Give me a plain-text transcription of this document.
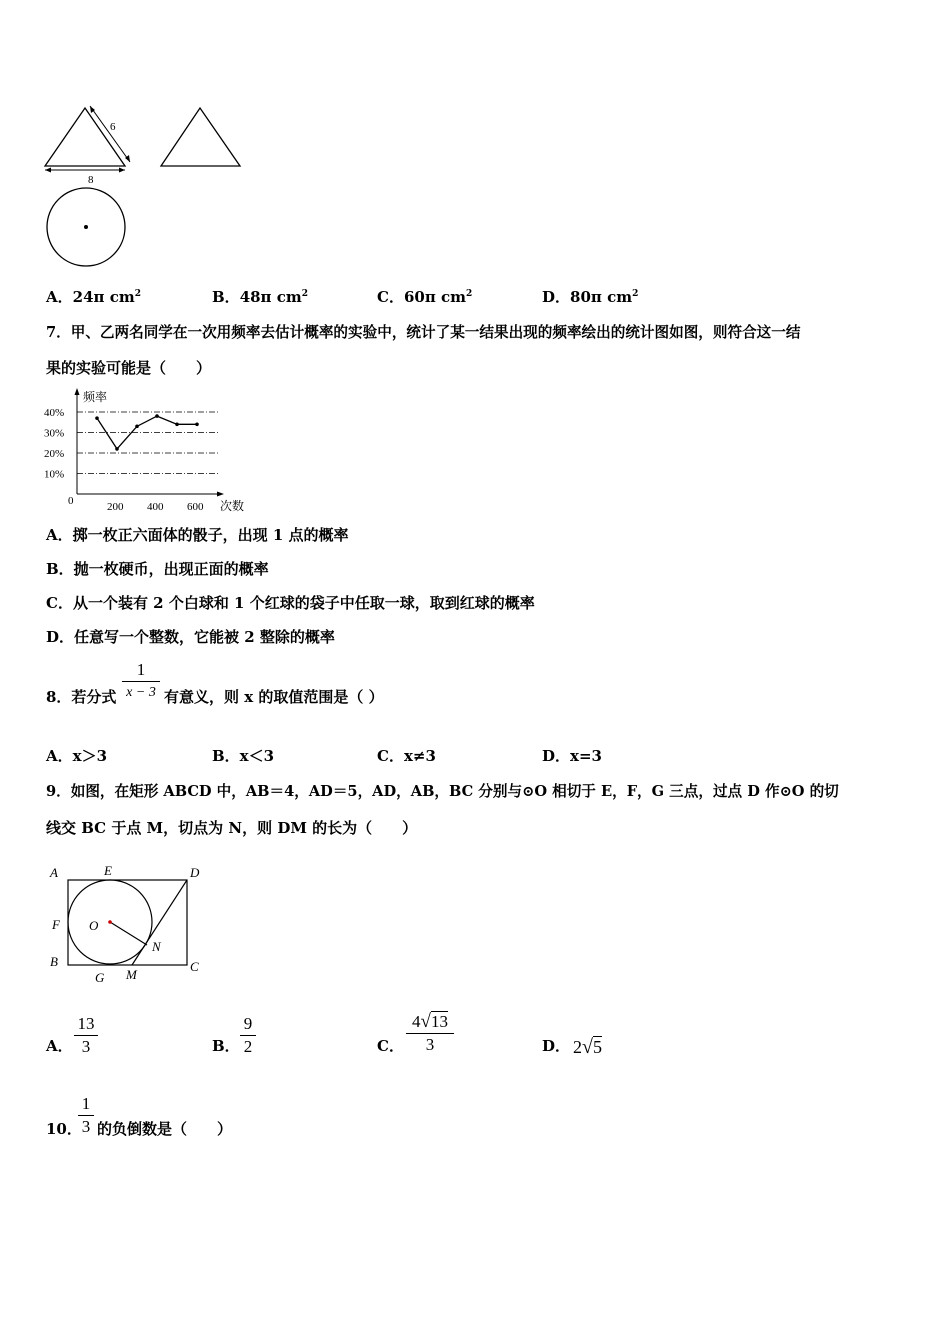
6
8
A．24π $cm^2$	B．48π $cm^2$	C．60π $cm^2$	D．80π $cm^2$
7．甲、乙两名同学在一次用频率去估计概率的实验中，统计了某一结果出现的频率绘出的统计图如图，则符合这一结
果的实验可能是（　　）
频率
次数
0
40%
30%
20%
10%
200 400 600
A．掷一枚正六面体的骰子，出现 1 点的概率
B．抛一枚硬币，出现正面的概率
C．从一个装有 2 个白球和 1 个红球的袋子中任取一球，取到红球的概率
D．任意写一个整数，它能被 2 整除的概率
8．若分式
1
x − 3 有意义，则 x 的取值范围是（ ）
A．x＞3	B．x＜3	C．x≠3	D．x=3
9．如图，在矩形 ABCD 中，AB＝4，AD＝5，AD，AB，BC 分别与⊙O 相切于 E，F，G 三点，过点 D 作⊙O 的切
线交 BC 于点 M，切点为 N，则 DM 的长为（　　）
A	E	D
F O
N
B
G M
C
A．
13
3	B．
9
2	C．
4√13
3	D． 2√5
10．
1
3 的负倒数是（　　）
